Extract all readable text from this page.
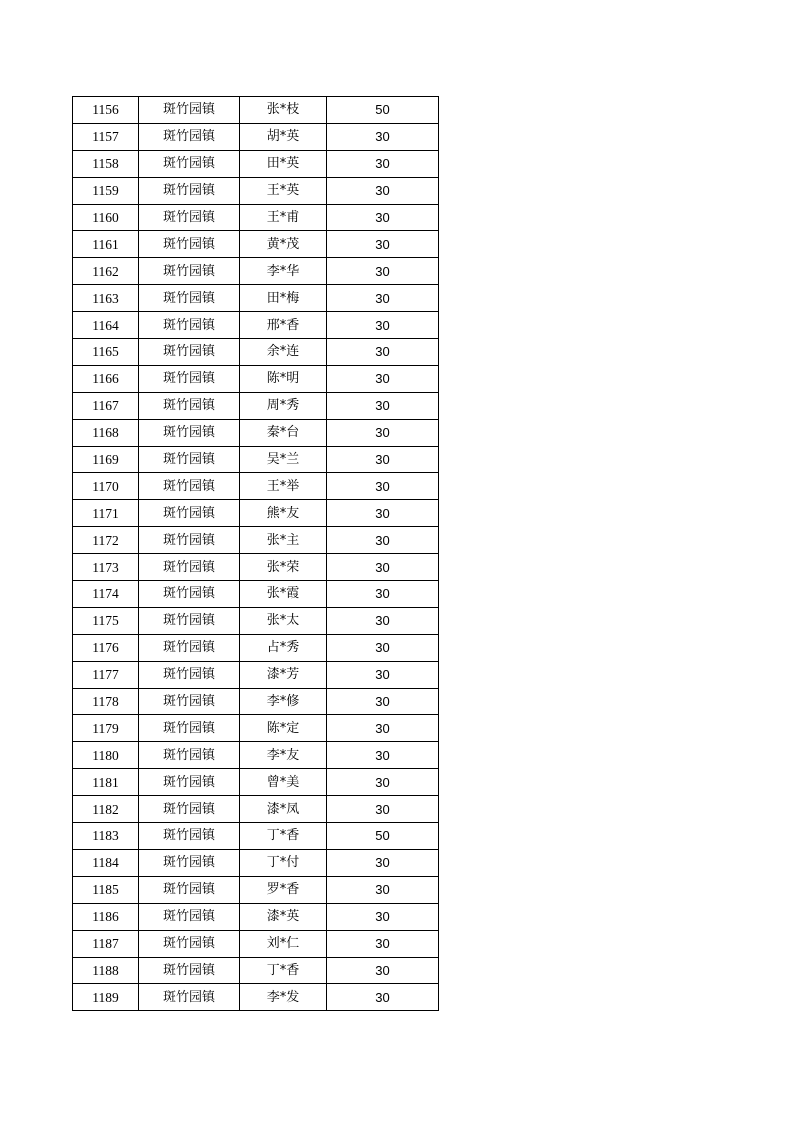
1156	斑竹园镇	张*枝	50
1157	斑竹园镇	胡*英	30
1158	斑竹园镇	田*英	30
1159	斑竹园镇	王*英	30
1160	斑竹园镇	王*甫	30
1161	斑竹园镇	黄*茂	30
1162	斑竹园镇	李*华	30
1163	斑竹园镇	田*梅	30
1164	斑竹园镇	邢*香	30
1165	斑竹园镇	余*连	30
1166	斑竹园镇	陈*明	30
1167	斑竹园镇	周*秀	30
1168	斑竹园镇	秦*台	30
1169	斑竹园镇	吴*兰	30
1170	斑竹园镇	王*举	30
1171	斑竹园镇	熊*友	30
1172	斑竹园镇	张*主	30
1173	斑竹园镇	张*荣	30
1174	斑竹园镇	张*霞	30
1175	斑竹园镇	张*太	30
1176	斑竹园镇	占*秀	30
1177	斑竹园镇	漆*芳	30
1178	斑竹园镇	李*修	30
1179	斑竹园镇	陈*定	30
1180	斑竹园镇	李*友	30
1181	斑竹园镇	曾*美	30
1182	斑竹园镇	漆*凤	30
1183	斑竹园镇	丁*香	50
1184	斑竹园镇	丁*付	30
1185	斑竹园镇	罗*香	30
1186	斑竹园镇	漆*英	30
1187	斑竹园镇	刘*仁	30
1188	斑竹园镇	丁*香	30
1189	斑竹园镇	李*发	30
